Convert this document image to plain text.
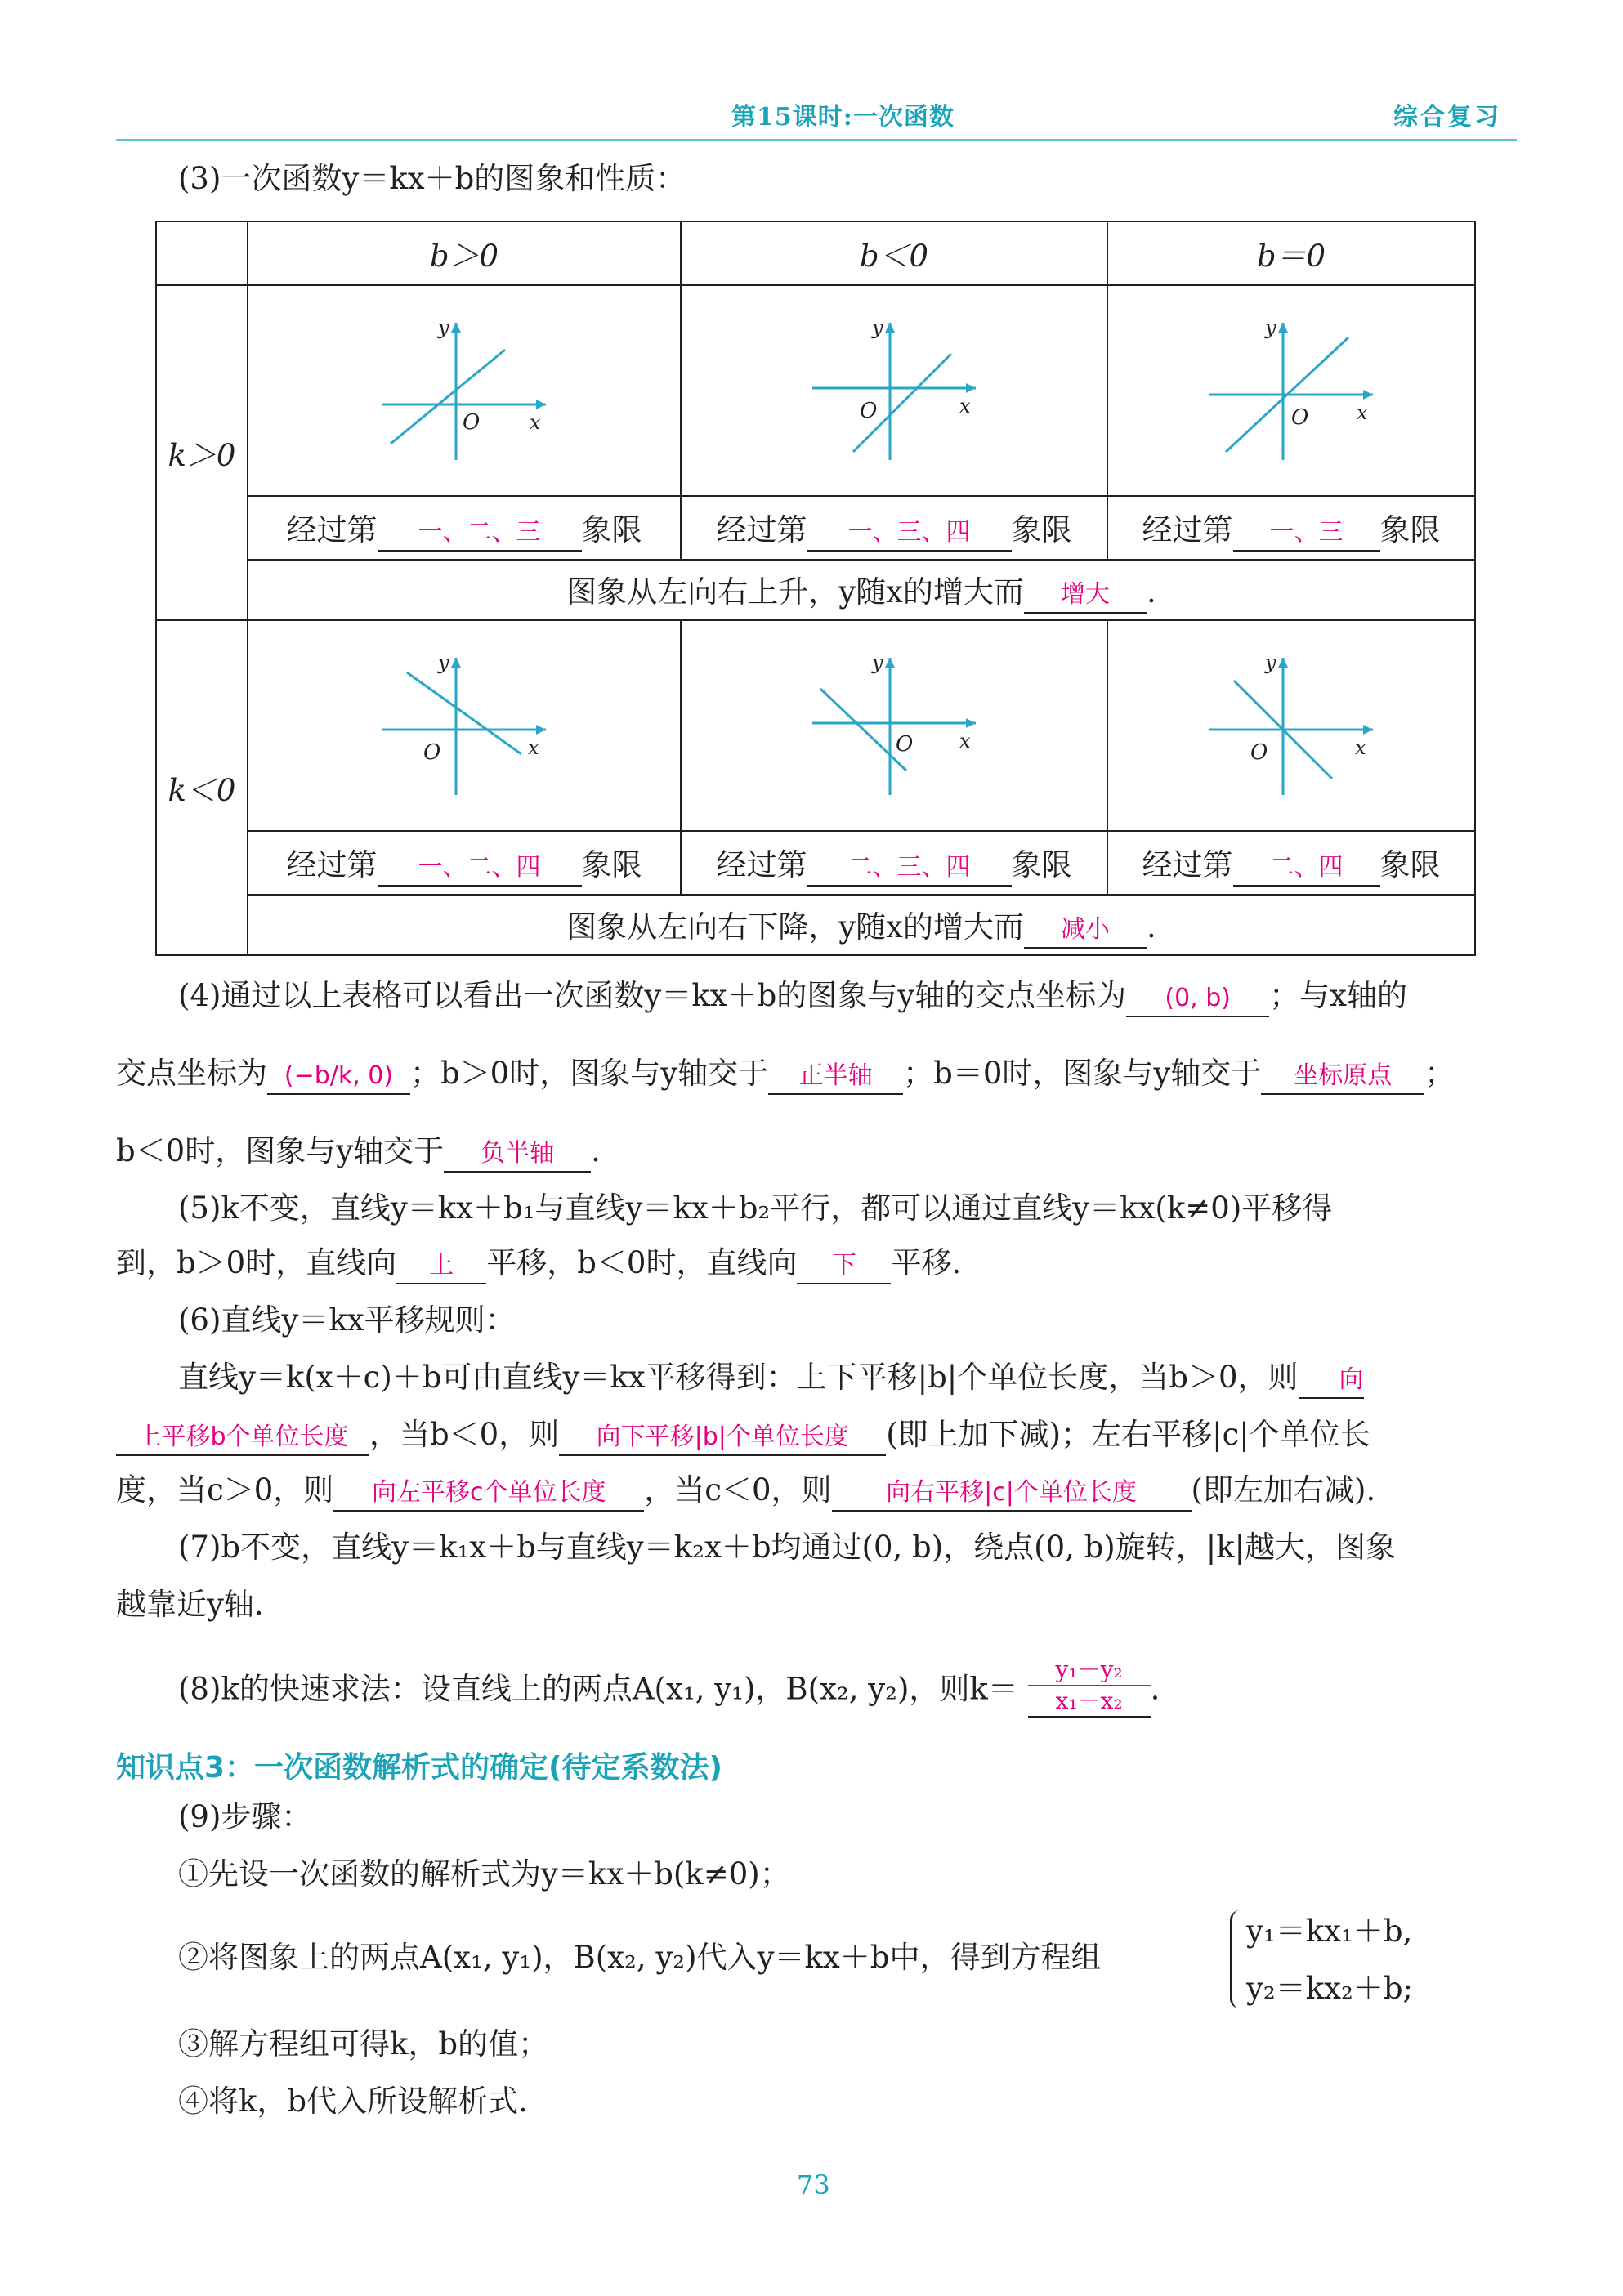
第15课时:一次函数	综合复习
(3)一次函数y＝kx＋b的图象和性质：
	b＞0	b＜0	b＝0
k＞0	y
x
O	y
x
O	y
x
O

	经过第 一、二、三 象限	经过第 一、三、四 象限	经过第 一、三 象限
	图象从左向右上升，y随x的增大而 增大 .		
k＜0	y
x
O	y
x
O	y
x
O

	经过第 一、二、四 象限	经过第 二、三、四 象限	经过第 二、四 象限
	图象从左向右下降，y随x的增大而 减小 .		
(4)通过以上表格可以看出一次函数y＝kx＋b的图象与y轴的交点坐标为 (0, b) ；与x轴的
交点坐标为 (−b/k, 0) ；b＞0时，图象与y轴交于 正半轴 ；b＝0时，图象与y轴交于 坐标原点 ；
b＜0时，图象与y轴交于 负半轴 .
(5)k不变，直线y＝kx＋b₁与直线y＝kx＋b₂平行，都可以通过直线y＝kx(k≠0)平移得
到，b＞0时，直线向 上 平移，b＜0时，直线向 下 平移.
(6)直线y＝kx平移规则：
直线y＝k(x＋c)＋b可由直线y＝kx平移得到：上下平移|b|个单位长度，当b＞0，则 向
上平移b个单位长度 ，当b＜0，则 向下平移|b|个单位长度 (即上加下减)；左右平移|c|个单位长
度，当c＞0，则 向左平移c个单位长度 ，当c＜0，则 向右平移|c|个单位长度 (即左加右减).
(7)b不变，直线y＝k₁x＋b与直线y＝k₂x＋b均通过(0, b)，绕点(0, b)旋转，|k|越大，图象
越靠近y轴.
(8)k的快速求法：设直线上的两点A(x₁, y₁)，B(x₂, y₂)，则$k= \frac{\text{y₁－y₂}}{\text{x₁－x₂}}$ .
知识点3：一次函数解析式的确定(待定系数法)
(9)步骤：
①先设一次函数的解析式为y＝kx＋b(k≠0)；
②将图象上的两点A(x₁, y₁)，B(x₂, y₂)代入y＝kx＋b中，得到方程组
y₁＝kx₁＋b,
y₂＝kx₂＋b;
③解方程组可得k，b的值；
④将k，b代入所设解析式.
73
